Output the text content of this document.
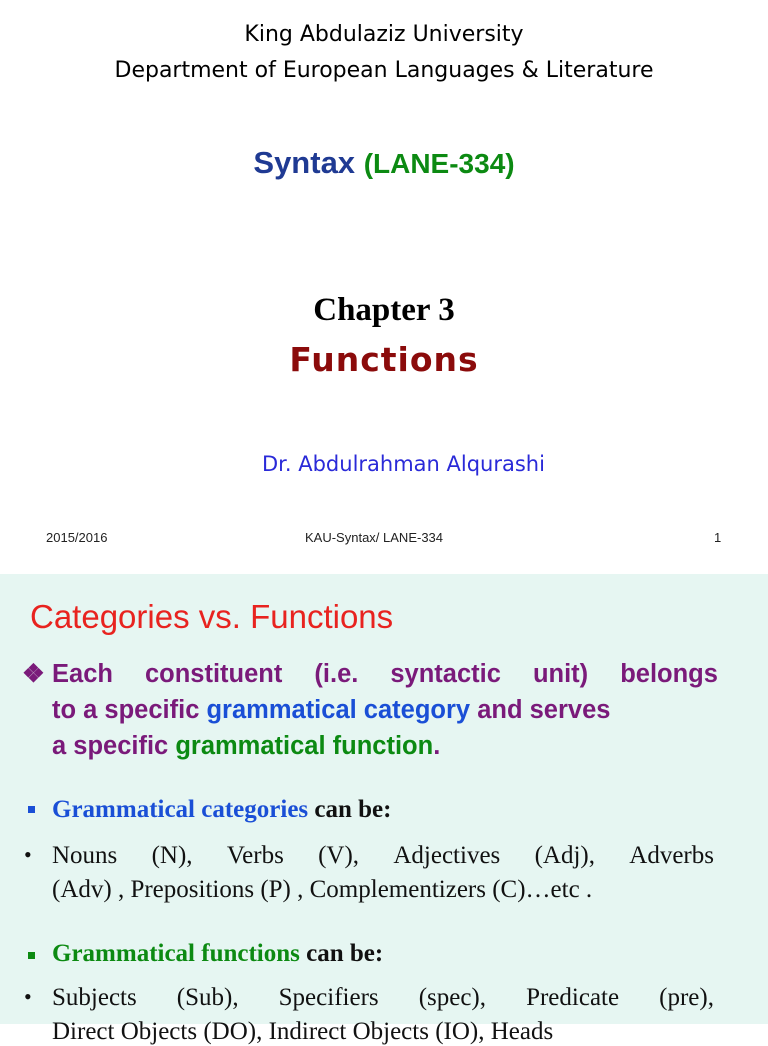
King Abdulaziz University
Department of European Languages & Literature
Syntax (LANE-334)
Chapter 3
Functions
Dr. Abdulrahman Alqurashi
2015/2016	KAU-Syntax/ LANE-334	1
Categories vs. Functions
❖ Each constituent (i.e. syntactic unit) belongs
to a specific grammatical category and serves
a specific grammatical function.
Grammatical categories can be:
• Nouns (N), Verbs (V), Adjectives (Adj), Adverbs
(Adv) , Prepositions (P) , Complementizers (C)…etc .
Grammatical functions can be:
• Subjects (Sub), Specifiers (spec), Predicate (pre),
Direct Objects (DO), Indirect Objects (IO), Heads
